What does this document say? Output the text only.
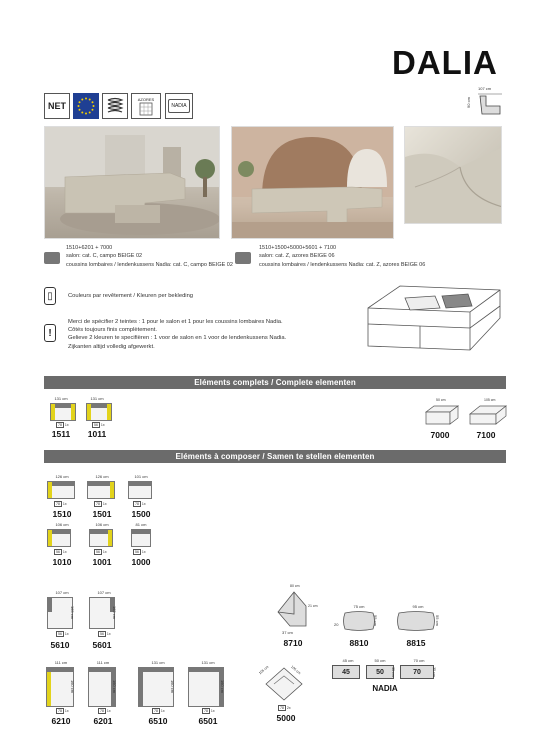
DALIA
NET
AZORES
NADIA
107 cm
90 cm
1510+6201 + 7000
salon: cat. C, campo BEIGE 02
coussins lombaires / lendenkussens Nadia: cat. C, campo BEIGE 02
1510+1500+5000+5601 + 7100
salon: cat. Z, azores BEIGE 06
coussins lombaires / lendenkussens Nadia: cat. Z, azores BEIGE 06
▯	Couleurs par revêtement / Kleuren per bekleding
!
Merci de spécifier 2 teintes : 1 pour le salon et 1 pour les coussins lombaires Nadia.
Côtés toujours finis complètement.
Gelieve 2 kleuren te specifiëren : 1 voor de salon en 1 voor de lendenkussens Nadia.
Zijkanten altijd volledig afgewerkt.
Eléments complets / Complete elementen
131 cm
78 1x
1511
131 cm
56 1x
1011
50 cm
7000
105 cm
7100
Eléments à composer / Samen te stellen elementen
126 cm
78 1x
1510
126 cm
78 1x
1501
101 cm
78 1x
1500
106 cm
56 1x
1010
106 cm
56 1x
1001
81 cm
56 1x
1000
107 cm
165 cm
56 1x
5610
107 cm
165 cm
56 1x
5601
111 cm
160 cm
78 1x
6210
111 cm
160 cm
78 1x
6201
131 cm
160 cm
78 1x
6510
131 cm
160 cm
78 1x
6501
80 cm
21 cm
37 cm
8710
105 cm	105 cm
78 2x
5000
75 cm
20	55 cm
8810
95 cm
55 cm
8815
45 cm
45
50 cm
50	35 cm
70 cm
70	35 cm
NADIA
